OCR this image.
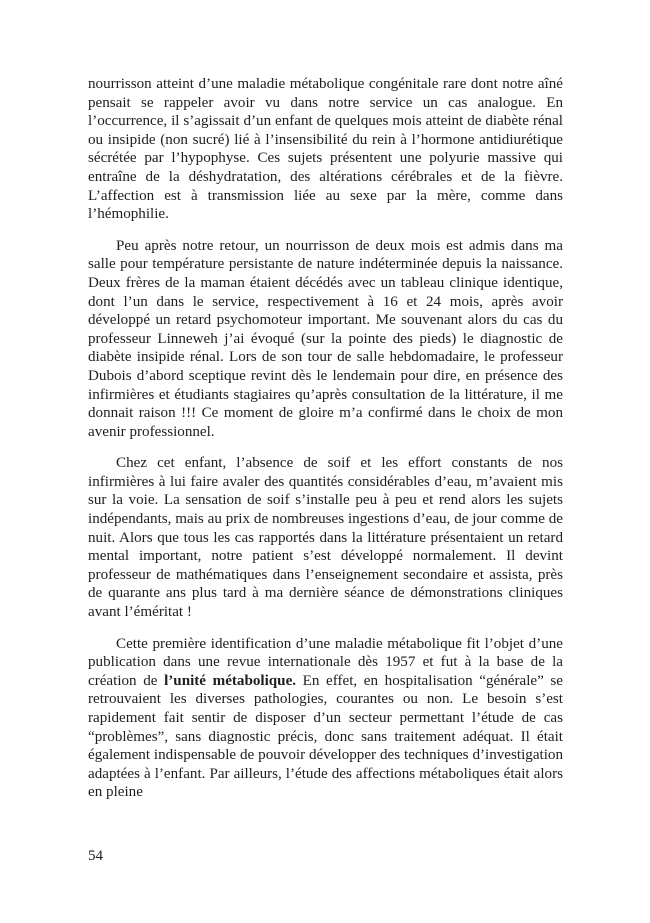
nourrisson atteint d’une maladie métabolique congénitale rare dont notre aîné pensait se rappeler avoir vu dans notre service un cas analogue. En l’occurrence, il s’agissait d’un enfant de quelques mois atteint de diabète rénal ou insipide (non sucré) lié à l’insensibilité du rein à l’hormone antidiurétique sécrétée par l’hypophyse. Ces sujets présentent une polyurie massive qui entraîne de la déshydratation, des altérations cérébrales et de la fièvre. L’affection est à transmission liée au sexe par la mère, comme dans l’hémophilie.

Peu après notre retour, un nourrisson de deux mois est admis dans ma salle pour température persistante de nature indéterminée depuis la naissance. Deux frères de la maman étaient décédés avec un tableau clinique identique, dont l’un dans le service, respectivement à 16 et 24 mois, après avoir développé un retard psychomoteur important. Me souvenant alors du cas du professeur Linneweh j’ai évoqué (sur la pointe des pieds) le diagnostic de diabète insipide rénal. Lors de son tour de salle hebdomadaire, le professeur Dubois d’abord sceptique revint dès le lendemain pour dire, en présence des infirmières et étudiants stagiaires qu’après consultation de la littérature, il me donnait raison !!! Ce moment de gloire m’a confirmé dans le choix de mon avenir professionnel.

Chez cet enfant, l’absence de soif et les effort constants de nos infirmières à lui faire avaler des quantités considérables d’eau, m’avaient mis sur la voie. La sensation de soif s’installe peu à peu et rend alors les sujets indépendants, mais au prix de nombreuses ingestions d’eau, de jour comme de nuit. Alors que tous les cas rapportés dans la littérature présentaient un retard mental important, notre patient s’est développé normalement. Il devint professeur de mathématiques dans l’enseignement secondaire et assista, près de quarante ans plus tard à ma dernière séance de démonstrations cliniques avant l’éméritat !

Cette première identification d’une maladie métabolique fit l’objet d’une publication dans une revue internationale dès 1957 et fut à la base de la création de l’unité métabolique. En effet, en hospitalisation “générale” se retrouvaient les diverses pathologies, courantes ou non. Le besoin s’est rapidement fait sentir de disposer d’un secteur permettant l’étude de cas “problèmes”, sans diagnostic précis, donc sans traitement adéquat. Il était également indispensable de pouvoir développer des techniques d’investigation adaptées à l’enfant. Par ailleurs, l’étude des affections métaboliques était alors en pleine

54
